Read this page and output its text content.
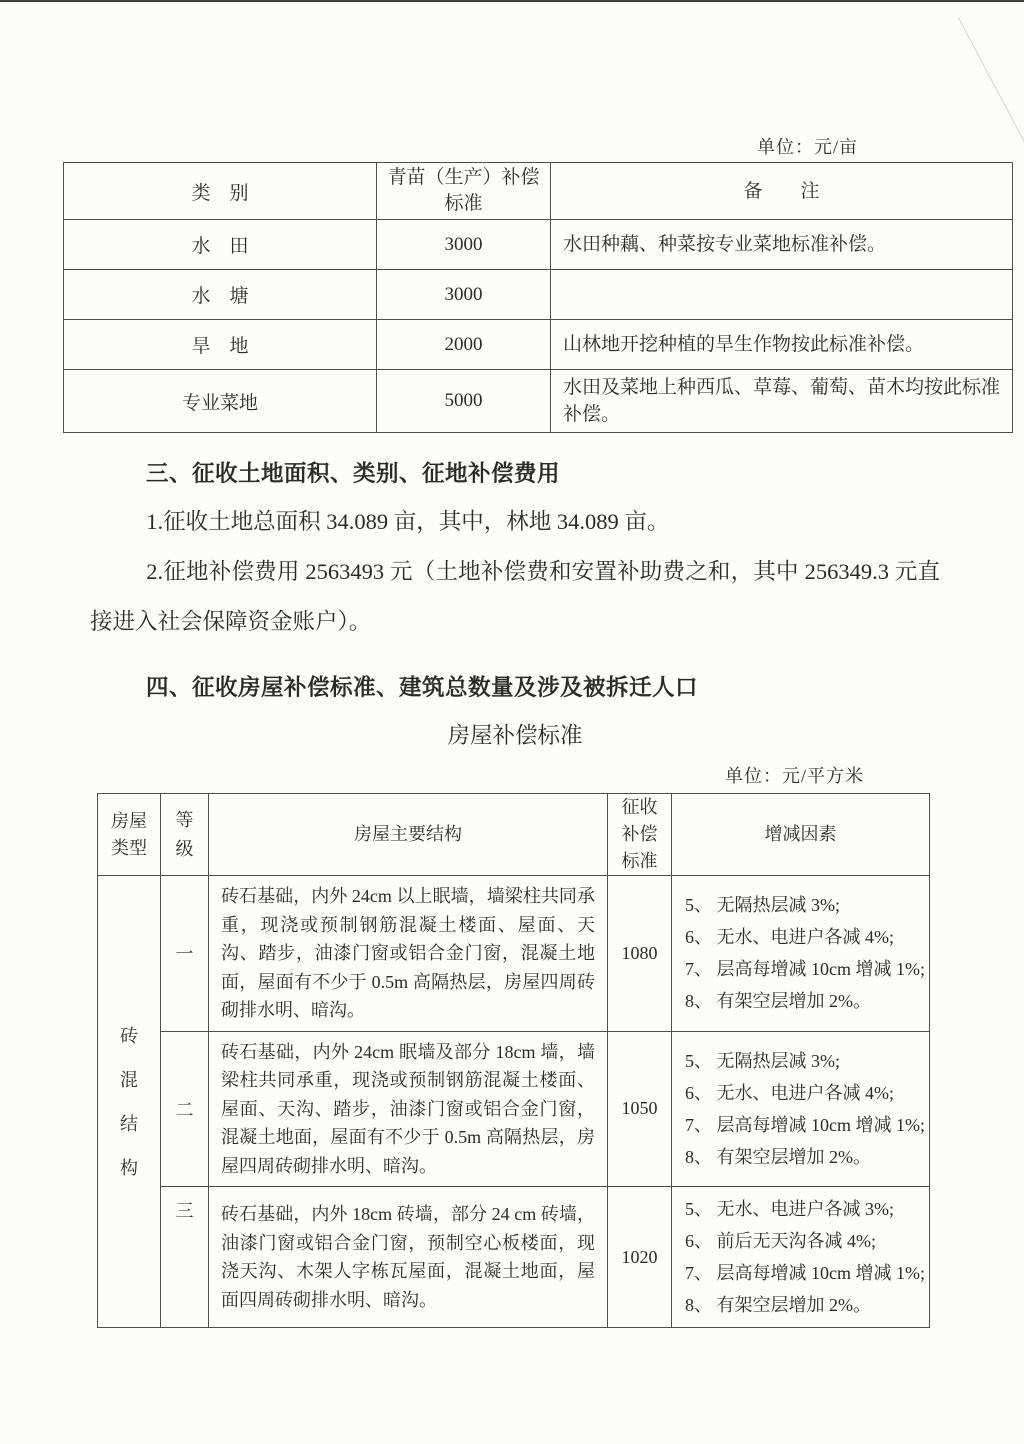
单位：元/亩
类　别	青苗（生产）补偿标准	备　　注
水　田	3000	水田种藕、种菜按专业菜地标准补偿。
水　塘	3000	
旱　地	2000	山林地开挖种植的旱生作物按此标准补偿。
专业菜地	5000	水田及菜地上种西瓜、草莓、葡萄、苗木均按此标准补偿。
三、征收土地面积、类别、征地补偿费用
1.征收土地总面积 34.089 亩，其中，林地 34.089 亩。
2.征地补偿费用 2563493 元（土地补偿费和安置补助费之和，其中 256349.3 元直接进入社会保障资金账户）。
四、征收房屋补偿标准、建筑总数量及涉及被拆迁人口
房屋补偿标准
单位：元/平方米
房屋类型	等级	房屋主要结构	征收补偿标准	增减因素

砖混结构	一	砖石基础，内外 24cm 以上眠墙，墙梁柱共同承重，现浇或预制钢筋混凝土楼面、屋面、天沟、踏步，油漆门窗或铝合金门窗，混凝土地面，屋面有不少于 0.5m 高隔热层，房屋四周砖砌排水明、暗沟。	1080	5、 无隔热层减 3%;
6、 无水、电进户各减 4%;
7、 层高每增减 10cm 增减 1%;
8、 有架空层增加 2%。

	二	砖石基础，内外 24cm 眠墙及部分 18cm 墙，墙梁柱共同承重，现浇或预制钢筋混凝土楼面、屋面、天沟、踏步，油漆门窗或铝合金门窗，混凝土地面，屋面有不少于 0.5m 高隔热层，房屋四周砖砌排水明、暗沟。	1050	5、 无隔热层减 3%;
6、 无水、电进户各减 4%;
7、 层高每增减 10cm 增减 1%;
8、 有架空层增加 2%。

	三	砖石基础，内外 18cm 砖墙，部分 24 cm 砖墙，油漆门窗或铝合金门窗，预制空心板楼面，现浇天沟、木架人字栋瓦屋面，混凝土地面，屋面四周砖砌排水明、暗沟。	1020	5、 无水、电进户各减 3%;
6、 前后无天沟各减 4%;
7、 层高每增减 10cm 增减 1%;
8、 有架空层增加 2%。
